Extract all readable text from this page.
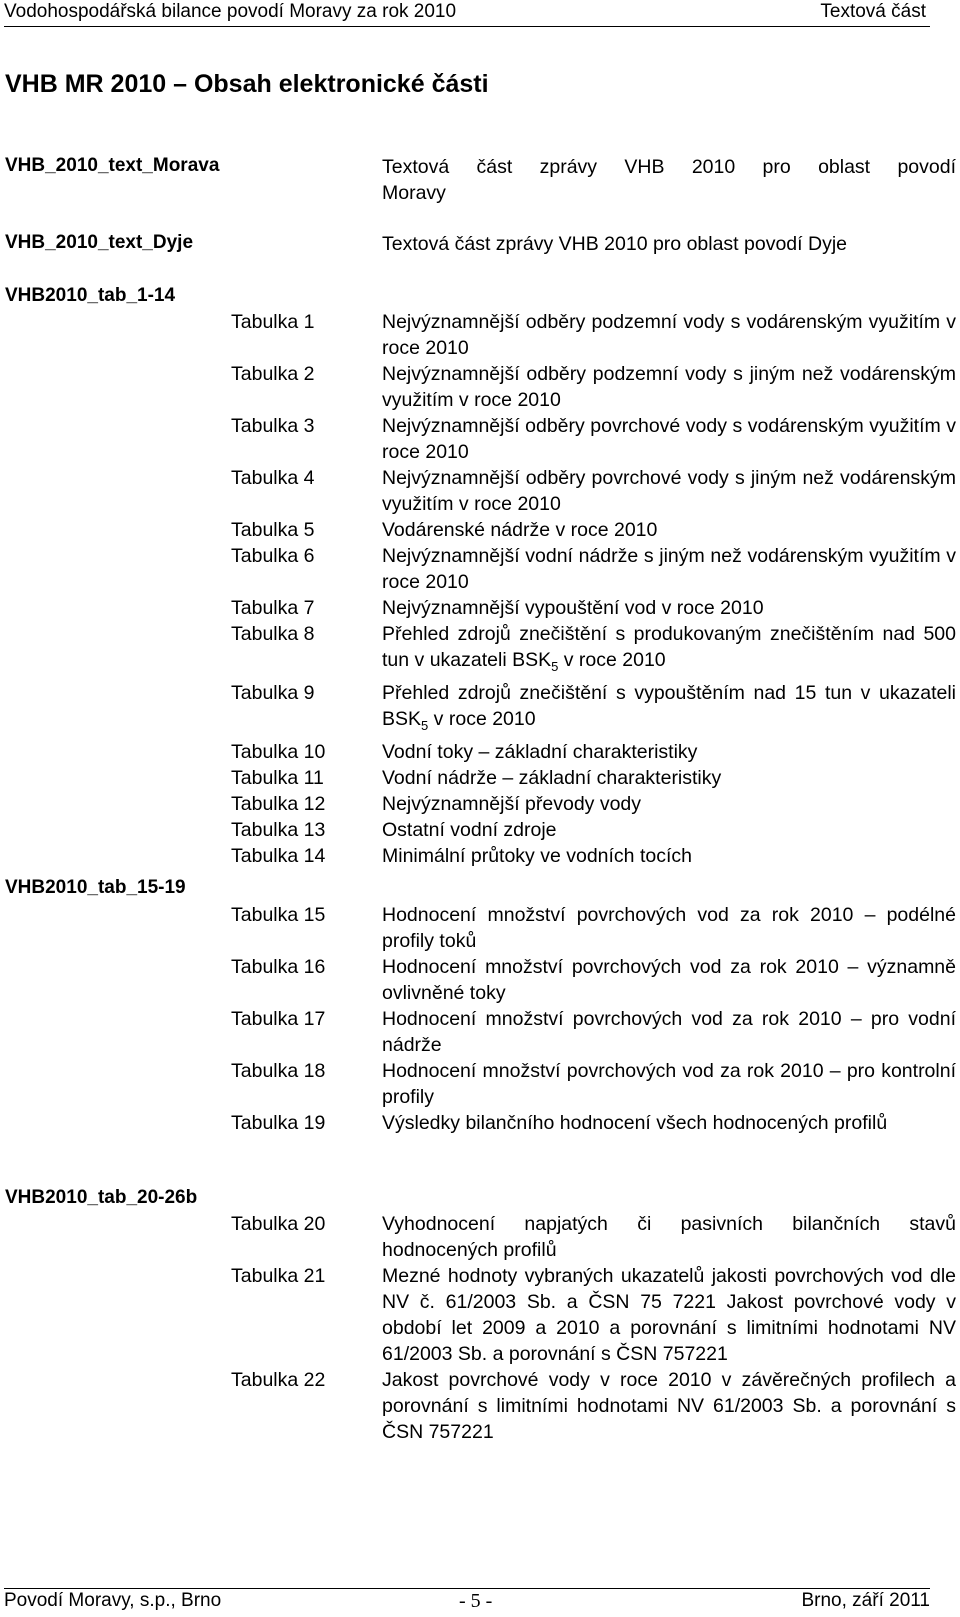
Vodohospodářská bilance povodí Moravy za rok 2010	Textová část
VHB MR 2010 – Obsah elektronické části
VHB_2010_text_Morava	Textová část zprávy VHB 2010 pro oblast povodí
Moravy
VHB_2010_text_Dyje	Textová část zprávy VHB 2010 pro oblast povodí Dyje
VHB2010_tab_1-14
Tabulka 1	Nejvýznamnější odběry podzemní vody s vodárenským využitím v roce 2010
Tabulka 2	Nejvýznamnější odběry podzemní vody s jiným než vodárenským využitím v roce 2010
Tabulka 3	Nejvýznamnější odběry povrchové vody s vodárenským využitím v roce 2010
Tabulka 4	Nejvýznamnější odběry povrchové vody s jiným než vodárenským využitím v roce 2010
Tabulka 5	Vodárenské nádrže v roce 2010
Tabulka 6	Nejvýznamnější vodní nádrže s jiným než vodárenským využitím v roce 2010
Tabulka 7	Nejvýznamnější vypouštění vod v roce 2010
Tabulka 8	Přehled zdrojů znečištění s produkovaným znečištěním nad 500 tun v ukazateli $BSK_5$ v roce 2010
Tabulka 9	Přehled zdrojů znečištění s vypouštěním nad 15 tun v ukazateli $BSK_5$ v roce 2010
Tabulka 10	Vodní toky – základní charakteristiky
Tabulka 11	Vodní nádrže – základní charakteristiky
Tabulka 12	Nejvýznamnější převody vody
Tabulka 13	Ostatní vodní zdroje
Tabulka 14	Minimální průtoky ve vodních tocích
VHB2010_tab_15-19
Tabulka 15	Hodnocení množství povrchových vod za rok 2010 – podélné profily toků
Tabulka 16	Hodnocení množství povrchových vod za rok 2010 – významně ovlivněné toky
Tabulka 17	Hodnocení množství povrchových vod za rok 2010 – pro vodní nádrže
Tabulka 18	Hodnocení množství povrchových vod za rok 2010 – pro kontrolní profily
Tabulka 19	Výsledky bilančního hodnocení všech hodnocených profilů
VHB2010_tab_20-26b
Tabulka 20	Vyhodnocení napjatých či pasivních bilančních stavů hodnocených profilů
Tabulka 21	Mezné hodnoty vybraných ukazatelů jakosti povrchových vod dle NV č. 61/2003 Sb. a ČSN 75 7221 Jakost povrchové vody v období let 2009 a 2010 a porovnání s limitními hodnotami NV 61/2003 Sb. a porovnání s ČSN 757221
Tabulka 22	Jakost povrchové vody v roce 2010 v závěrečných profilech a porovnání s limitními hodnotami NV 61/2003 Sb. a porovnání s ČSN 757221
Povodí Moravy, s.p., Brno	- 5 -	Brno, září 2011
